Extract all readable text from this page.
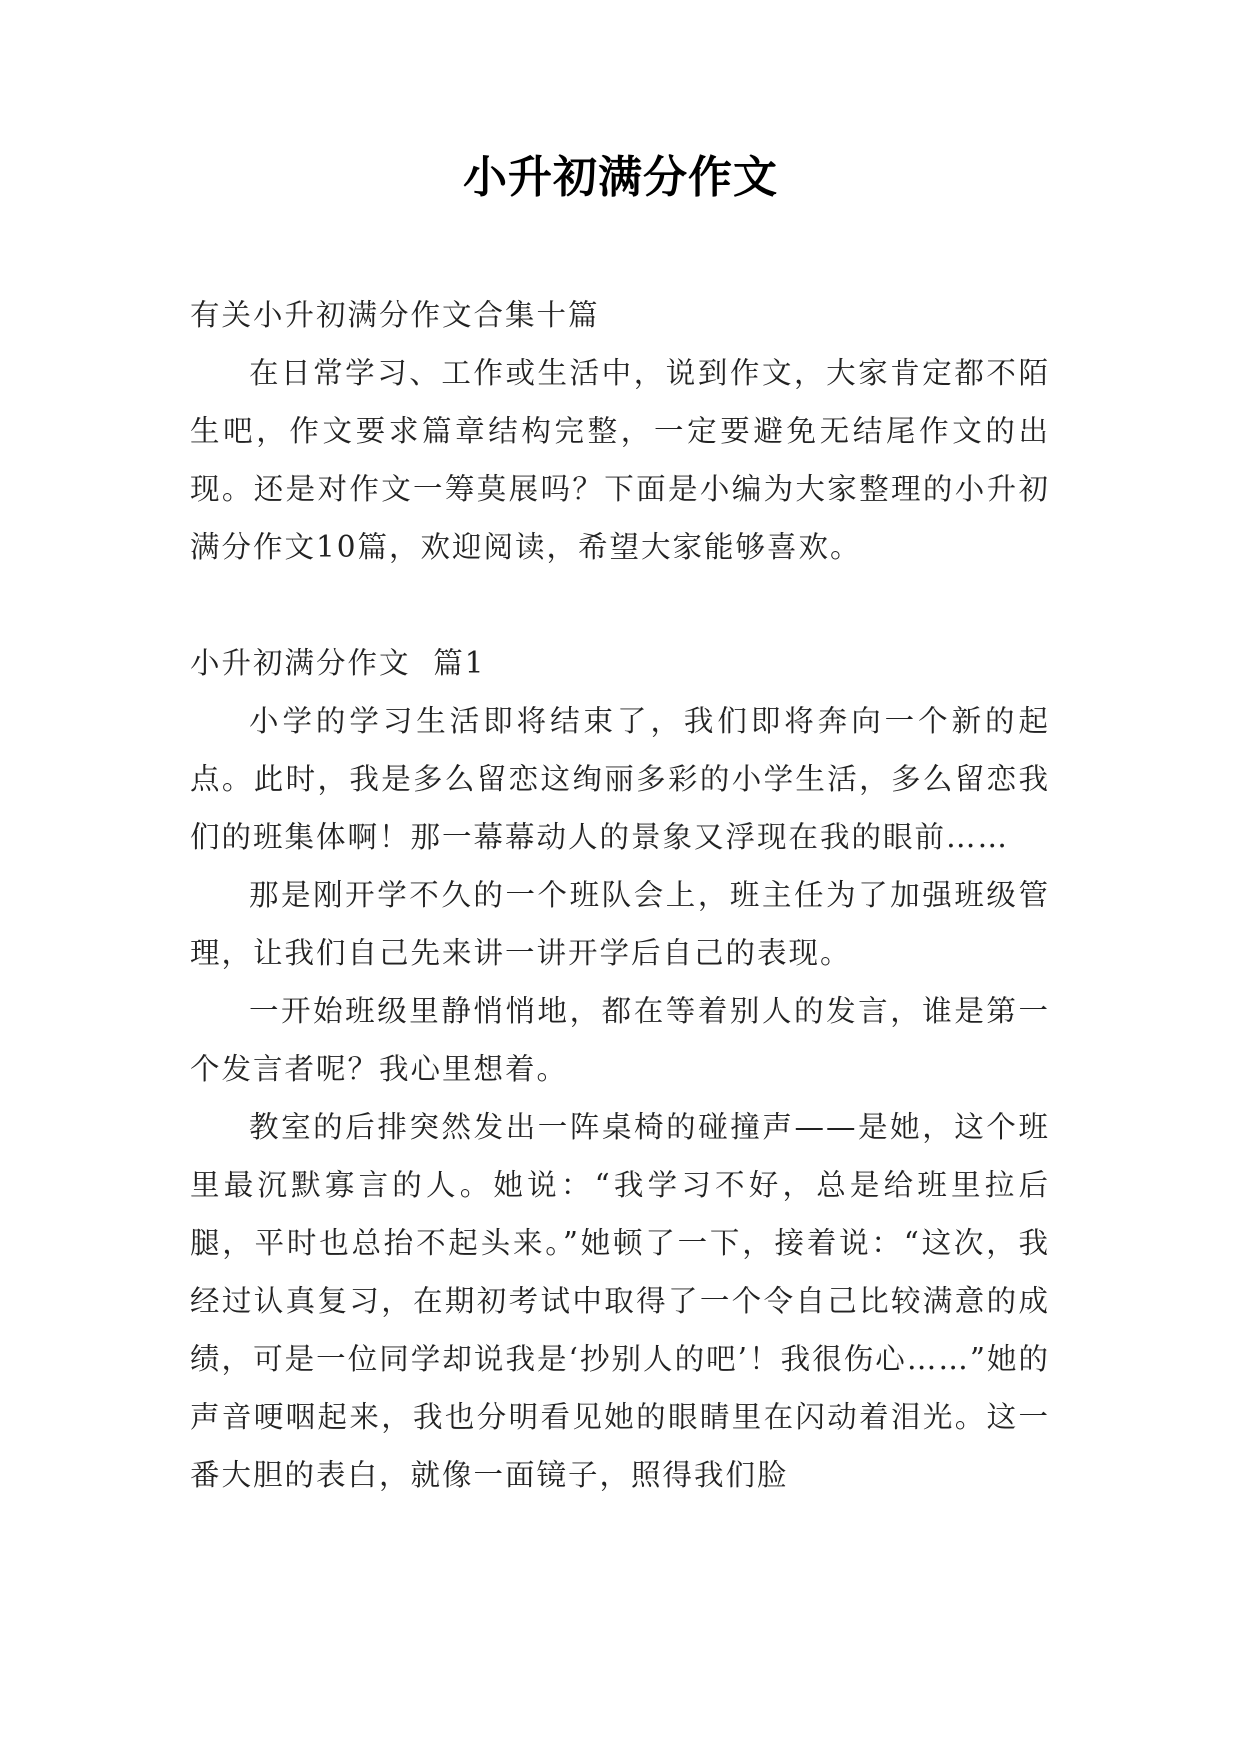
小升初满分作文

有关小升初满分作文合集十篇

在日常学习、工作或生活中，说到作文，大家肯定都不陌生吧，作文要求篇章结构完整，一定要避免无结尾作文的出现。还是对作文一筹莫展吗？下面是小编为大家整理的小升初满分作文10篇，欢迎阅读，希望大家能够喜欢。

小升初满分作文  篇1

小学的学习生活即将结束了，我们即将奔向一个新的起点。此时，我是多么留恋这绚丽多彩的小学生活，多么留恋我们的班集体啊！那一幕幕动人的景象又浮现在我的眼前……

那是刚开学不久的一个班队会上，班主任为了加强班级管理，让我们自己先来讲一讲开学后自己的表现。

一开始班级里静悄悄地，都在等着别人的发言，谁是第一个发言者呢？我心里想着。

教室的后排突然发出一阵桌椅的碰撞声——是她，这个班里最沉默寡言的人。她说：“我学习不好，总是给班里拉后腿，平时也总抬不起头来。”她顿了一下，接着说：“这次，我经过认真复习，在期初考试中取得了一个令自己比较满意的成绩，可是一位同学却说我是‘抄别人的吧’！我很伤心……”她的声音哽咽起来，我也分明看见她的眼睛里在闪动着泪光。这一番大胆的表白，就像一面镜子，照得我们脸
